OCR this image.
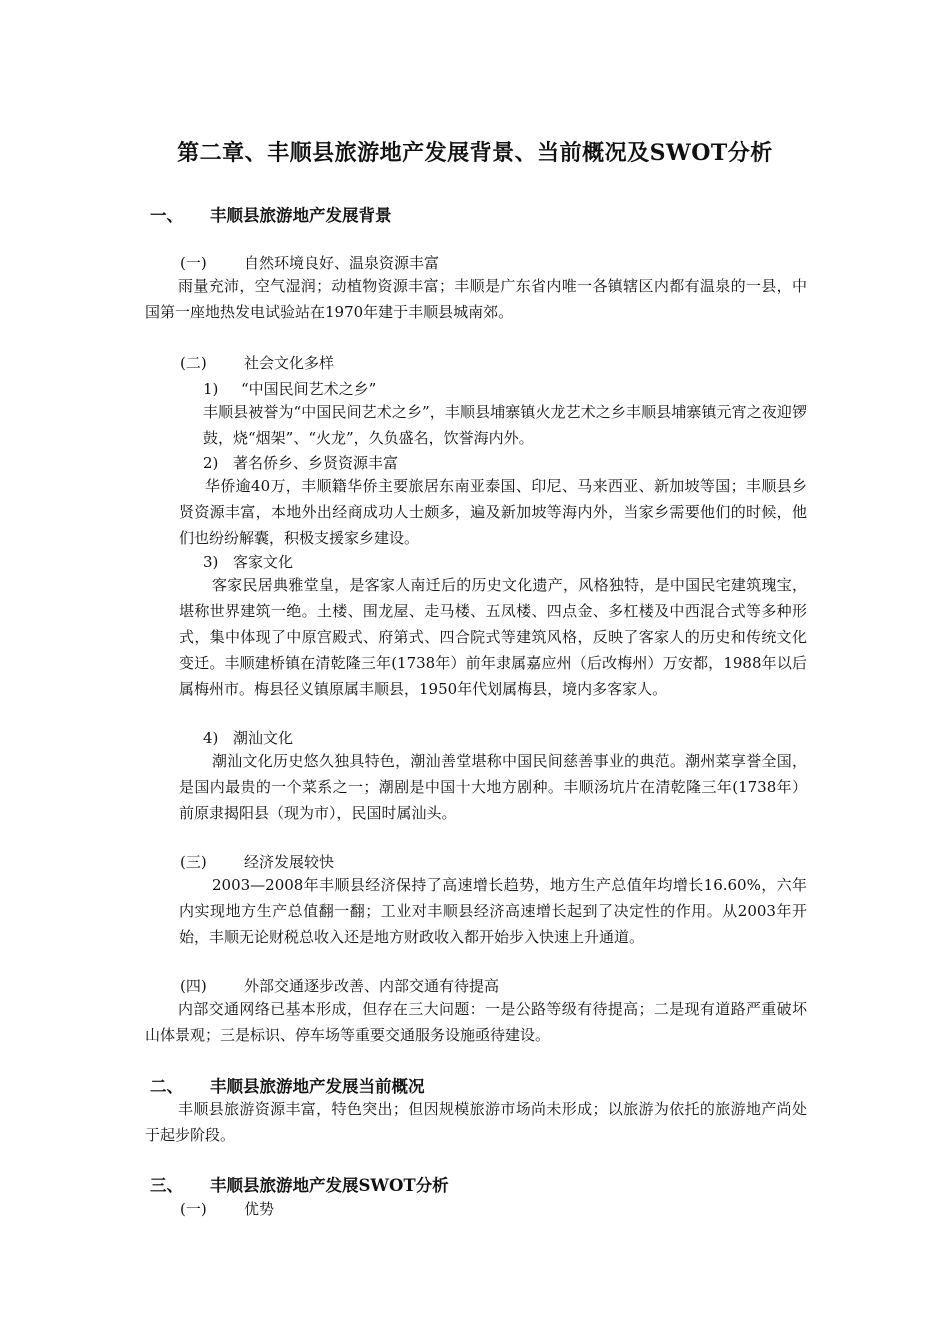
第二章、丰顺县旅游地产发展背景、当前概况及SWOT分析
一、 丰顺县旅游地产发展背景
(一) 自然环境良好、温泉资源丰富
雨量充沛，空气湿润；动植物资源丰富；丰顺是广东省内唯一各镇辖区内都有温泉的一县，中国第一座地热发电试验站在1970年建于丰顺县城南郊。
(二) 社会文化多样
1) “中国民间艺术之乡”
丰顺县被誉为“中国民间艺术之乡”，丰顺县埔寨镇火龙艺术之乡丰顺县埔寨镇元宵之夜迎锣鼓，烧“烟架”、“火龙”，久负盛名，饮誉海内外。
2) 著名侨乡、乡贤资源丰富
华侨逾40万，丰顺籍华侨主要旅居东南亚泰国、印尼、马来西亚、新加坡等国；丰顺县乡贤资源丰富，本地外出经商成功人士颇多，遍及新加坡等海内外，当家乡需要他们的时候，他们也纷纷解囊，积极支援家乡建设。
3) 客家文化
客家民居典雅堂皇，是客家人南迁后的历史文化遗产，风格独特，是中国民宅建筑瑰宝，堪称世界建筑一绝。土楼、围龙屋、走马楼、五凤楼、四点金、多杠楼及中西混合式等多种形式，集中体现了中原宫殿式、府第式、四合院式等建筑风格，反映了客家人的历史和传统文化变迁。丰顺建桥镇在清乾隆三年(1738年）前年隶属嘉应州（后改梅州）万安都，1988年以后属梅州市。梅县径义镇原属丰顺县，1950年代划属梅县，境内多客家人。
4) 潮汕文化
潮汕文化历史悠久独具特色，潮汕善堂堪称中国民间慈善事业的典范。潮州菜享誉全国，是国内最贵的一个菜系之一；潮剧是中国十大地方剧种。丰顺汤坑片在清乾隆三年(1738年）前原隶揭阳县（现为市），民国时属汕头。
(三) 经济发展较快
2003—2008年丰顺县经济保持了高速增长趋势，地方生产总值年均增长16.60%，六年内实现地方生产总值翻一翻；工业对丰顺县经济高速增长起到了决定性的作用。从2003年开始，丰顺无论财税总收入还是地方财政收入都开始步入快速上升通道。
(四) 外部交通逐步改善、内部交通有待提高
内部交通网络已基本形成，但存在三大问题：一是公路等级有待提高；二是现有道路严重破坏山体景观；三是标识、停车场等重要交通服务设施亟待建设。
二、 丰顺县旅游地产发展当前概况
丰顺县旅游资源丰富，特色突出；但因规模旅游市场尚未形成；以旅游为依托的旅游地产尚处于起步阶段。
三、 丰顺县旅游地产发展SWOT分析
(一) 优势
